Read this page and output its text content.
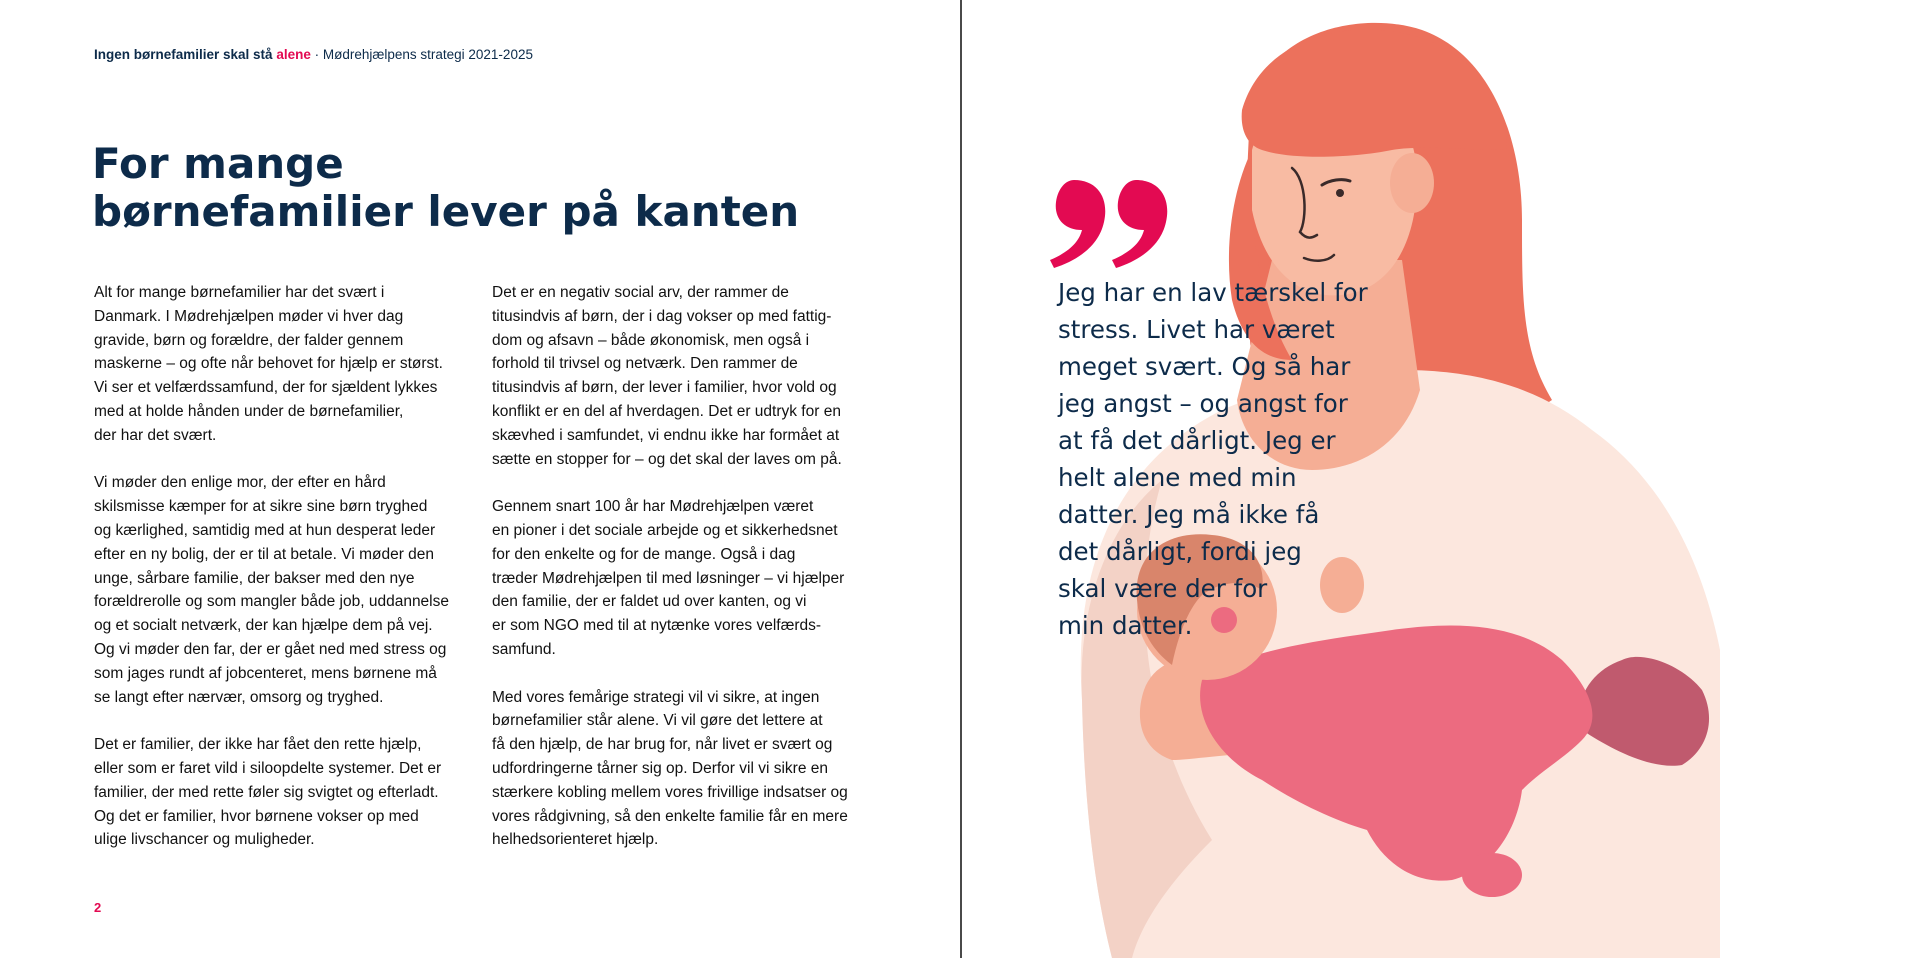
Ingen børnefamilier skal stå alene · Mødrehjælpens strategi 2021-2025
For mange
børnefamilier lever på kanten

Alt for mange børnefamilier har det svært i
Danmark. I Mødrehjælpen møder vi hver dag
gravide, børn og forældre, der falder gennem
maskerne – og ofte når behovet for hjælp er størst.
Vi ser et velfærdssamfund, der for sjældent lykkes
med at holde hånden under de børnefamilier,
der har det svært.

Vi møder den enlige mor, der efter en hård
skilsmisse kæmper for at sikre sine børn tryghed
og kærlighed, samtidig med at hun desperat leder
efter en ny bolig, der er til at betale. Vi møder den
unge, sårbare familie, der bakser med den nye
forældrerolle og som mangler både job, uddannelse
og et socialt netværk, der kan hjælpe dem på vej.
Og vi møder den far, der er gået ned med stress og
som jages rundt af jobcenteret, mens børnene må
se langt efter nærvær, omsorg og tryghed.

Det er familier, der ikke har fået den rette hjælp,
eller som er faret vild i siloopdelte systemer. Det er
familier, der med rette føler sig svigtet og efterladt.
Og det er familier, hvor børnene vokser op med
ulige livschancer og muligheder.

Det er en negativ social arv, der rammer de
titusindvis af børn, der i dag vokser op med fattig-
dom og afsavn – både økonomisk, men også i
forhold til trivsel og netværk. Den rammer de
titusindvis af børn, der lever i familier, hvor vold og
konflikt er en del af hverdagen. Det er udtryk for en
skævhed i samfundet, vi endnu ikke har formået at
sætte en stopper for – og det skal der laves om på.

Gennem snart 100 år har Mødrehjælpen været
en pioner i det sociale arbejde og et sikkerhedsnet
for den enkelte og for de mange. Også i dag
træder Mødrehjælpen til med løsninger – vi hjælper
den familie, der er faldet ud over kanten, og vi
er som NGO med til at nytænke vores velfærds-
samfund.

Med vores femårige strategi vil vi sikre, at ingen
børnefamilier står alene. Vi vil gøre det lettere at
få den hjælp, de har brug for, når livet er svært og
udfordringerne tårner sig op. Derfor vil vi sikre en
stærkere kobling mellem vores frivillige indsatser og
vores rådgivning, så den enkelte familie får en mere
helhedsorienteret hjælp.

2
Jeg har en lav tærskel for
stress. Livet har været
meget svært. Og så har
jeg angst – og angst for
at få det dårligt. Jeg er
helt alene med min
datter. Jeg må ikke få
det dårligt, fordi jeg
skal være der for
min datter.
